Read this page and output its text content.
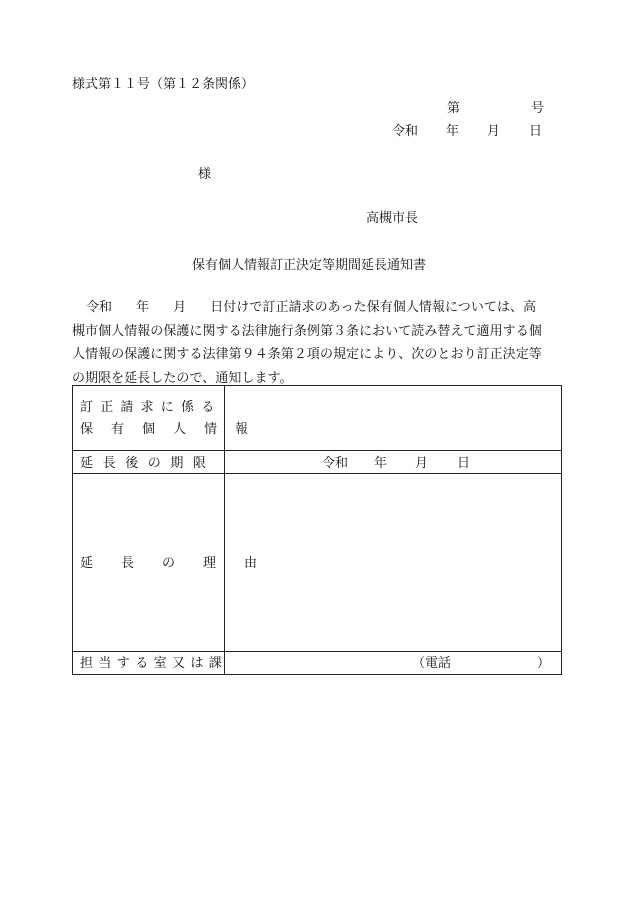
様式第１１号（第１２条関係）
第	号
令和 年 月 日
様
高槻市長
保有個人情報訂正決定等期間延長通知書
令和 年 月 日付けで訂正請求のあった保有個人情報については、高
槻市個人情報の保護に関する法律施行条例第３条において読み替えて適用する個
人情報の保護に関する法律第９４条第２項の規定により、次のとおり訂正決定等
の期限を延長したので、通知します。
訂正請求に係る
保有個人情報
延長後の期限	令和 年 月 日
延長の理由
担当する室又は課	（電話	）
